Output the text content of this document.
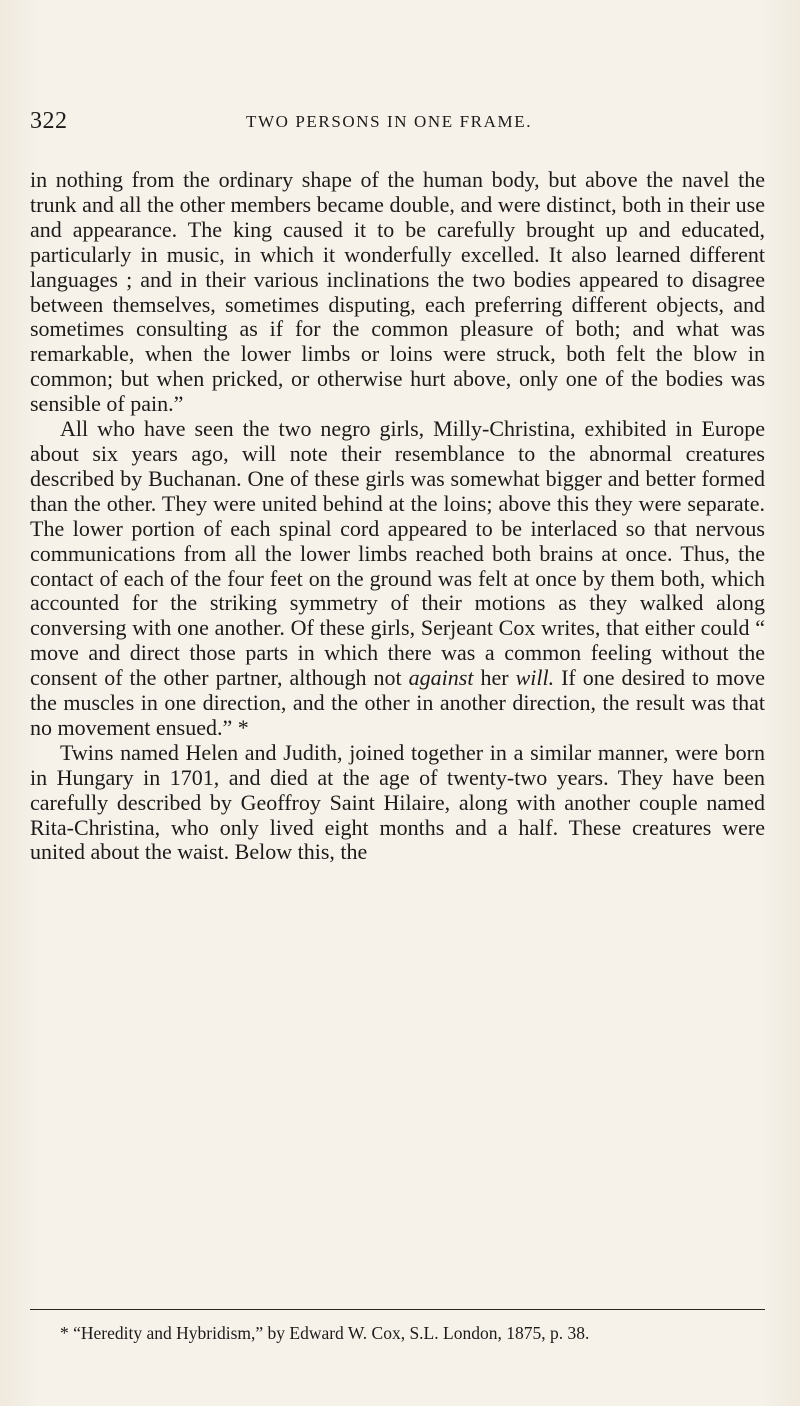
322	TWO PERSONS IN ONE FRAME.

in nothing from the ordinary shape of the human body, but above the navel the trunk and all the other members became double, and were distinct, both in their use and appearance. The king caused it to be carefully brought up and educated, particularly in music, in which it wonderfully excelled. It also learned different languages ; and in their various inclinations the two bodies appeared to disagree between themselves, sometimes disputing, each preferring different objects, and sometimes consulting as if for the common pleasure of both; and what was remarkable, when the lower limbs or loins were struck, both felt the blow in common; but when pricked, or otherwise hurt above, only one of the bodies was sensible of pain.”

All who have seen the two negro girls, Milly-Christina, exhibited in Europe about six years ago, will note their resemblance to the abnormal creatures described by Buchanan. One of these girls was somewhat bigger and better formed than the other. They were united behind at the loins; above this they were separate. The lower portion of each spinal cord appeared to be interlaced so that nervous communications from all the lower limbs reached both brains at once. Thus, the contact of each of the four feet on the ground was felt at once by them both, which accounted for the striking symmetry of their motions as they walked along conversing with one another. Of these girls, Serjeant Cox writes, that either could “ move and direct those parts in which there was a common feeling without the consent of the other partner, although not against her will. If one desired to move the muscles in one direction, and the other in another direction, the result was that no movement ensued.” *

Twins named Helen and Judith, joined together in a similar manner, were born in Hungary in 1701, and died at the age of twenty-two years. They have been carefully described by Geoffroy Saint Hilaire, along with another couple named Rita-Christina, who only lived eight months and a half. These creatures were united about the waist. Below this, the

* “Heredity and Hybridism,” by Edward W. Cox, S.L. London, 1875, p. 38.
